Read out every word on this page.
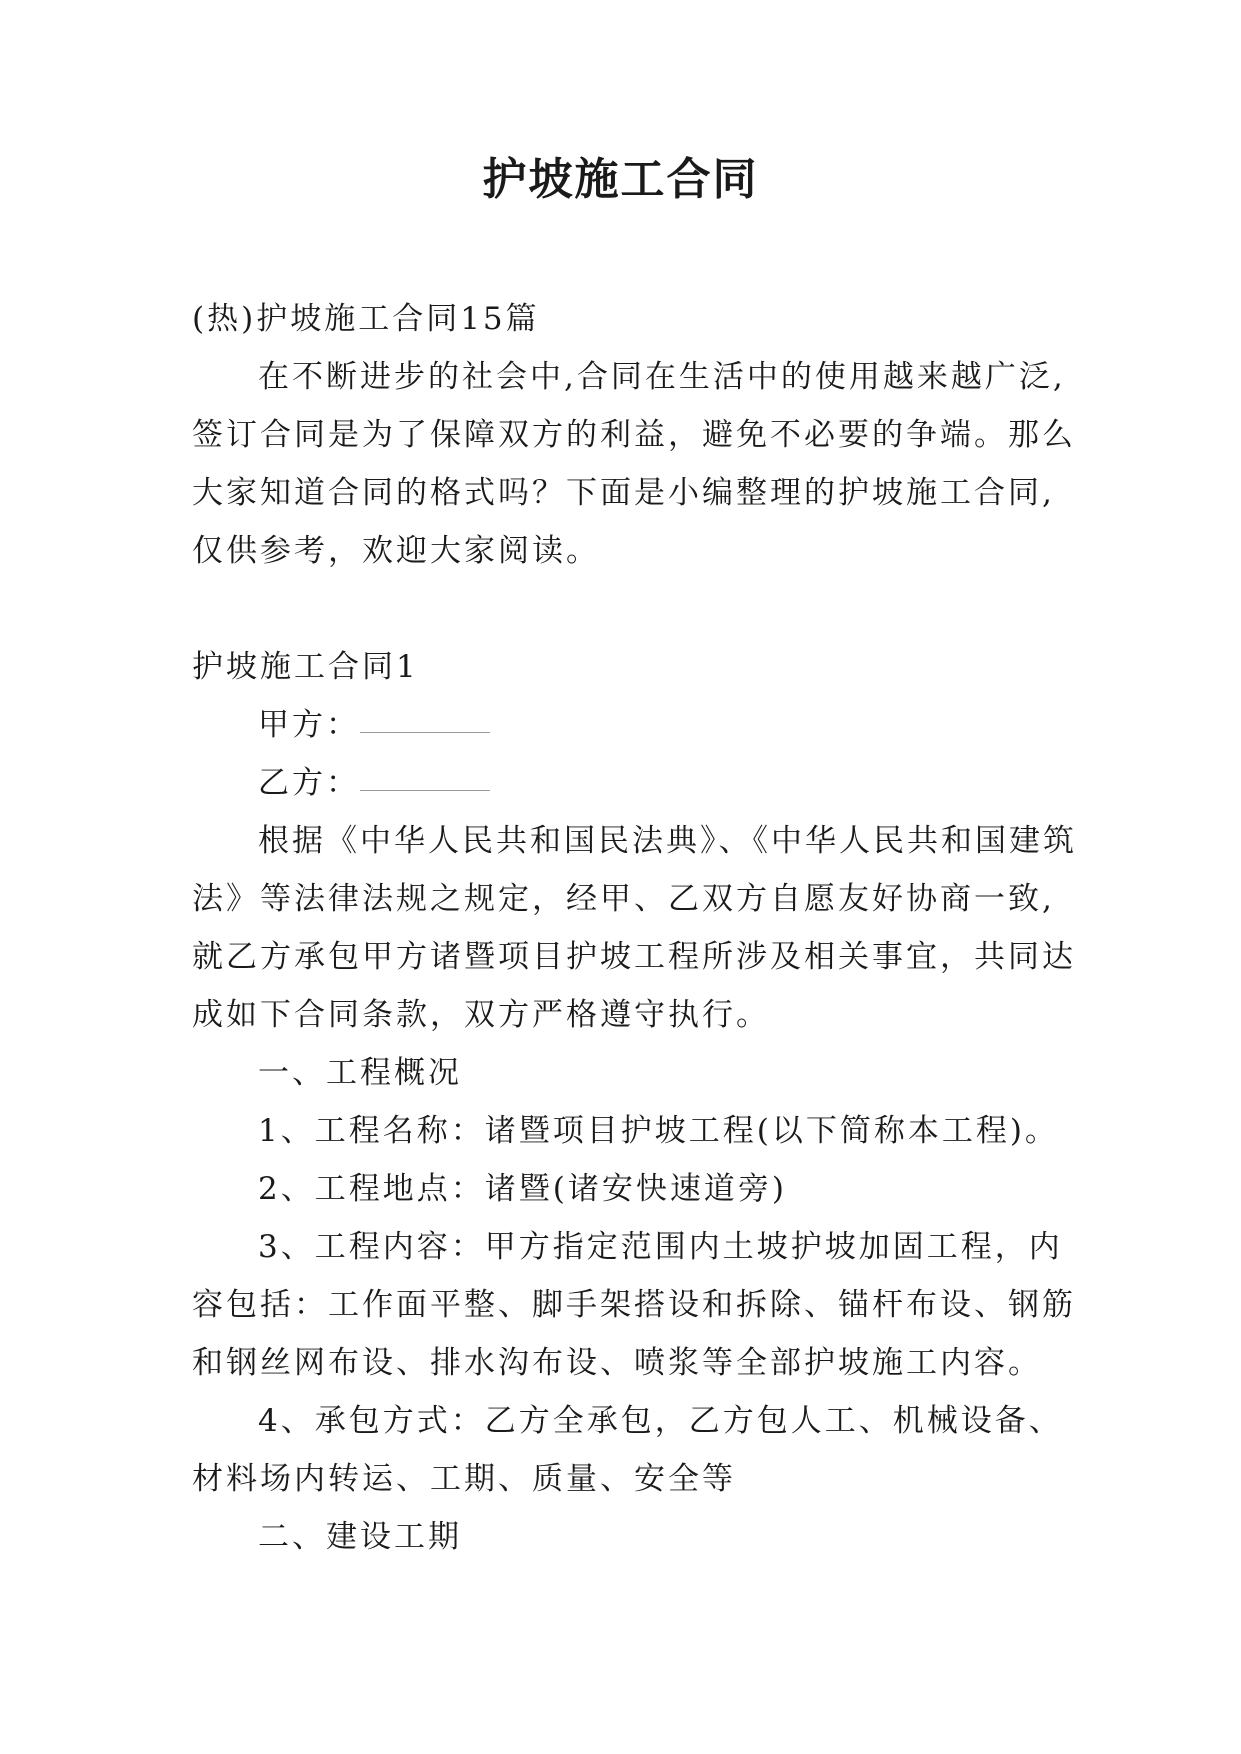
护坡施工合同
(热)护坡施工合同15篇
在不断进步的社会中,合同在生活中的使用越来越广泛,
签订合同是为了保障双方的利益，避免不必要的争端。那么
大家知道合同的格式吗？下面是小编整理的护坡施工合同,
仅供参考，欢迎大家阅读。
护坡施工合同1
甲方：
乙方：
根据《中华人民共和国民法典》、《中华人民共和国建筑
法》等法律法规之规定，经甲、乙双方自愿友好协商一致,
就乙方承包甲方诸暨项目护坡工程所涉及相关事宜，共同达
成如下合同条款，双方严格遵守执行。
一、工程概况
1、工程名称：诸暨项目护坡工程(以下简称本工程)。
2、工程地点：诸暨(诸安快速道旁)
3、工程内容：甲方指定范围内土坡护坡加固工程，内
容包括：工作面平整、脚手架搭设和拆除、锚杆布设、钢筋
和钢丝网布设、排水沟布设、喷浆等全部护坡施工内容。
4、承包方式：乙方全承包，乙方包人工、机械设备、
材料场内转运、工期、质量、安全等
二、建设工期
